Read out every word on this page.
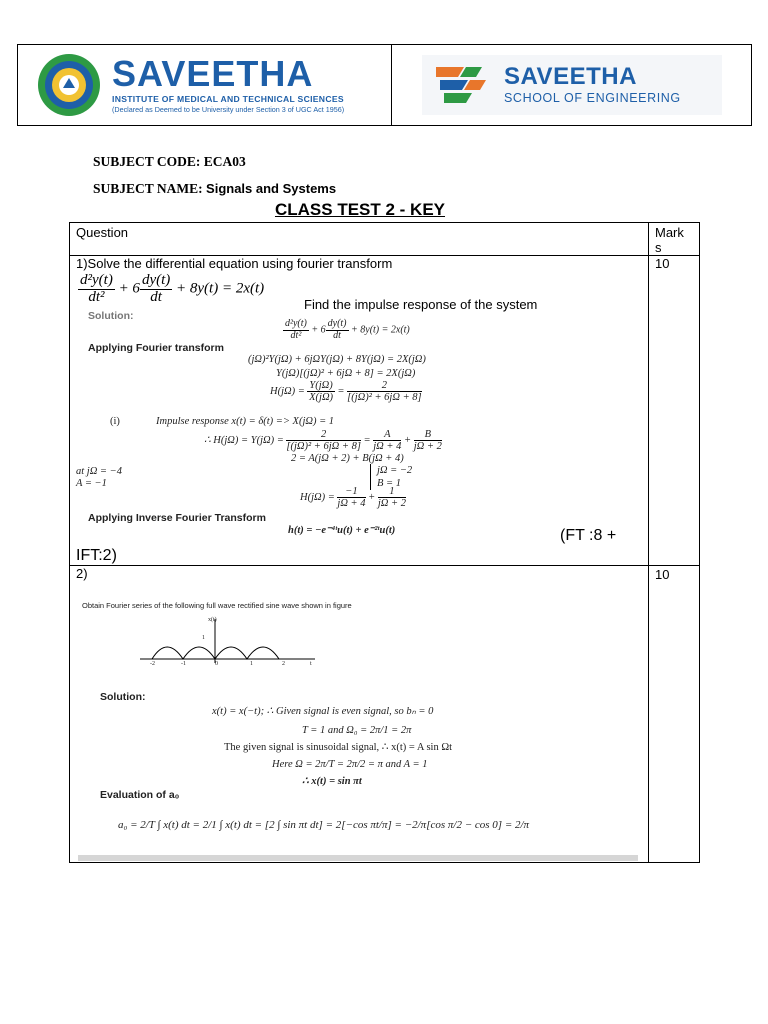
SAVEETHA
INSTITUTE OF MEDICAL AND TECHNICAL SCIENCES
(Declared as Deemed to be University under Section 3 of UGC Act 1956)
SAVEETHA
SCHOOL OF ENGINEERING
SUBJECT CODE: ECA03
SUBJECT NAME: Signals and Systems
CLASS TEST 2 - KEY
Question	Mark
s
1)Solve the differential equation using fourier transform	10
$\frac{\text{d²y(t)}}{\text{dt²}} + 6 \frac{dy(t)}{dt} + 8y(t) = 2x(t)$
Find the impulse response of the system
Solution:
$\frac{\text{d²y(t)}}{\text{dt²}} + 6 \frac{dy(t)}{dt} + 8y(t) = 2x(t)$
Applying Fourier transform
(jΩ)²Y(jΩ) + 6jΩY(jΩ) + 8Y(jΩ) = 2X(jΩ)
Y(jΩ)[(jΩ)² + 6jΩ + 8] = 2X(jΩ)
$H(j\Omega) = \frac{Y(j\Omega)}{X(j\Omega)} = \frac{2}{\text{[(jΩ)² + 6jΩ + 8]}}$
(i)	Impulse response x(t) = δ(t) => X(jΩ) = 1
∴ $H(j\Omega) = Y(j\Omega) = \frac{2}{\text{[(jΩ)² + 6jΩ + 8]}} = \frac{A}{j\Omega + 4} + \frac{B}{j\Omega + 2}$
2 = A(jΩ + 2) + B(jΩ + 4)
at jΩ = −4
A = −1
jΩ = −2
B = 1
$H(j\Omega) = \frac{-1}{j\Omega + 4} + \frac{1}{j\Omega + 2}$
Applying Inverse Fourier Transform
h(t) = −e⁻⁴ᵗu(t) + e⁻²ᵗu(t)	(FT :8 +
IFT:2)
2)	10
Obtain Fourier series of the following full wave rectified sine wave shown in figure
x(t)
1
-2	-1	0	1	2	t
Solution:
x(t) = x(−t); ∴ Given signal is even signal, so bₙ = 0
T = 1 and Ω₀ = 2π/1 = 2π
The given signal is sinusoidal signal, ∴ x(t) = A sin Ωt
Here Ω = 2π/T = 2π/2 = π and A = 1
∴ x(t) = sin πt
Evaluation of a₀
a₀ = 2/T ∫ x(t) dt = 2/1 ∫ x(t) dt = [2 ∫ sin πt dt] = 2[−cos πt/π] = −2/π[cos π/2 − cos 0] = 2/π
